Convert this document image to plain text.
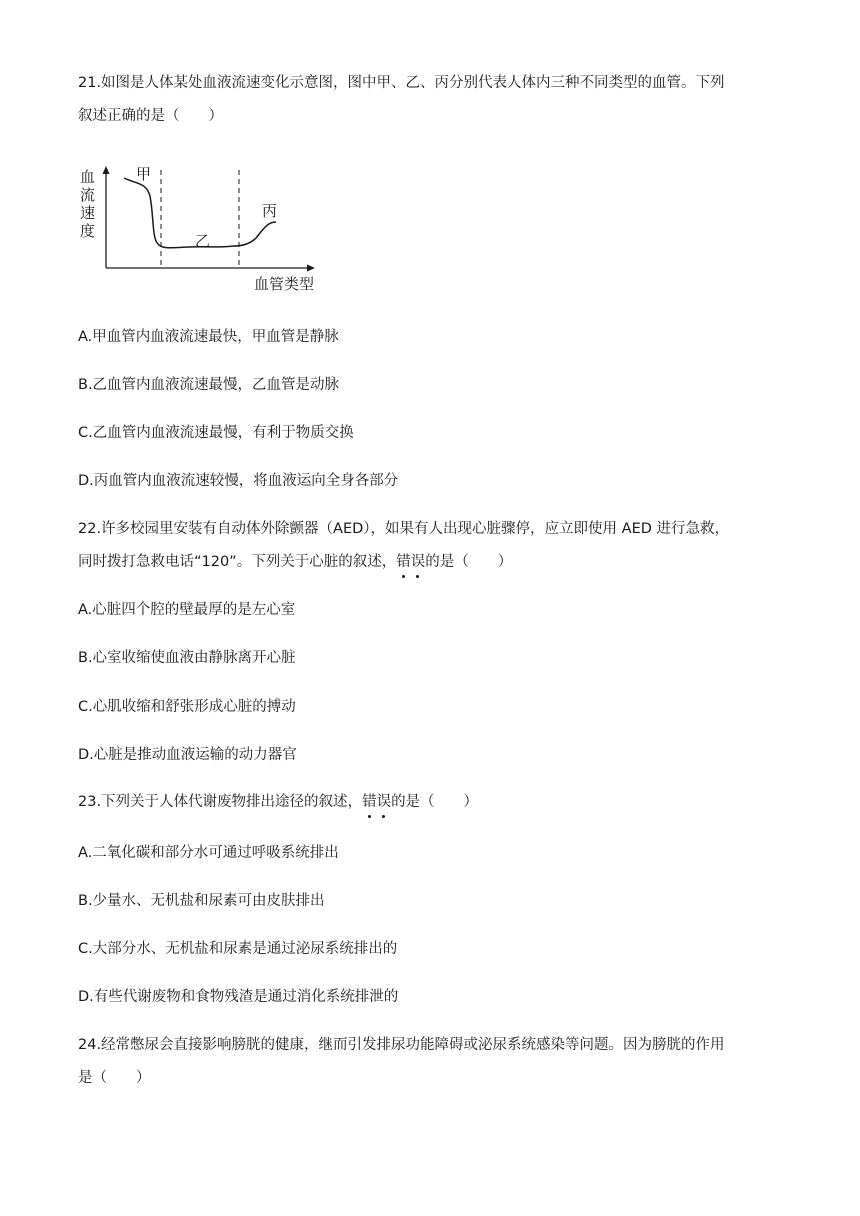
21.如图是人体某处血液流速变化示意图，图中甲、乙、丙分别代表人体内三种不同类型的血管。下列
叙述正确的是（　　）
血
流
速
度
甲
乙
丙
血管类型
A.甲血管内血液流速最快，甲血管是静脉
B.乙血管内血液流速最慢，乙血管是动脉
C.乙血管内血液流速最慢，有利于物质交换
D.丙血管内血液流速较慢，将血液运向全身各部分
22.许多校园里安装有自动体外除颤器（AED），如果有人出现心脏骤停，应立即使用 AED 进行急救，
同时拨打急救电话“120”。下列关于心脏的叙述，错误的是（　　）
A.心脏四个腔的壁最厚的是左心室
B.心室收缩使血液由静脉离开心脏
C.心肌收缩和舒张形成心脏的搏动
D.心脏是推动血液运输的动力器官
23.下列关于人体代谢废物排出途径的叙述，错误的是（　　）
A.二氧化碳和部分水可通过呼吸系统排出
B.少量水、无机盐和尿素可由皮肤排出
C.大部分水、无机盐和尿素是通过泌尿系统排出的
D.有些代谢废物和食物残渣是通过消化系统排泄的
24.经常憋尿会直接影响膀胱的健康，继而引发排尿功能障碍或泌尿系统感染等问题。因为膀胱的作用
是（　　）
